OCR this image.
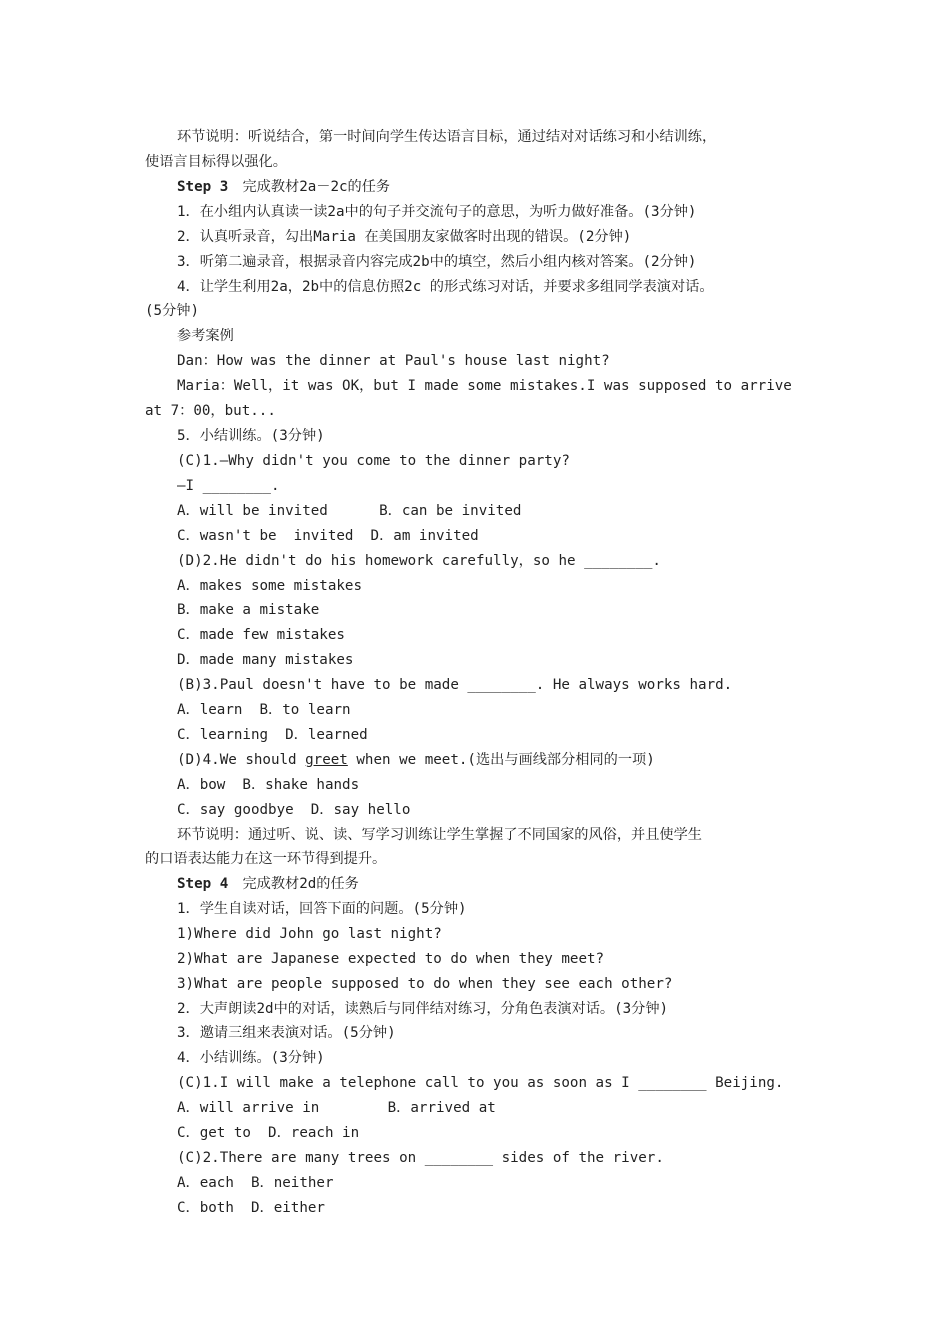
环节说明：听说结合，第一时间向学生传达语言目标，通过结对对话练习和小结训练，
使语言目标得以强化。
Step 3　 完成教材2a－2c的任务
1．在小组内认真读一读2a中的句子并交流句子的意思，为听力做好准备。(3分钟)
2．认真听录音，勾出Maria 在美国朋友家做客时出现的错误。(2分钟)
3．听第二遍录音，根据录音内容完成2b中的填空，然后小组内核对答案。(2分钟)
4．让学生利用2a，2b中的信息仿照2c 的形式练习对话，并要求多组同学表演对话。
(5分钟)
参考案例
Dan：How was the dinner at Paul's house last night?
Maria：Well，it was OK，but I made some mistakes.I was supposed to arrive
at 7：00，but...
5．小结训练。(3分钟)
(C)1.—Why didn't you come to the dinner party?
—I ________.
A．will be invited      B．can be invited
C．wasn't be  invited  D．am invited
(D)2.He didn't do his homework carefully，so he ________.
A．makes some mistakes
B．make a mistake
C．made few mistakes
D．made many mistakes
(B)3.Paul doesn't have to be made ________. He always works hard.
A．learn  B．to learn
C．learning  D．learned
(D)4.We should greet when we meet.(选出与画线部分相同的一项)
A．bow  B．shake hands
C．say goodbye  D．say hello
环节说明：通过听、说、读、写学习训练让学生掌握了不同国家的风俗，并且使学生
的口语表达能力在这一环节得到提升。
Step 4　 完成教材2d的任务
1．学生自读对话，回答下面的问题。(5分钟)
1)Where did John go last night?
2)What are Japanese expected to do when they meet?
3)What are people supposed to do when they see each other?
2．大声朗读2d中的对话，读熟后与同伴结对练习，分角色表演对话。(3分钟)
3．邀请三组来表演对话。(5分钟)
4．小结训练。(3分钟)
(C)1.I will make a telephone call to you as soon as I ________ Beijing.
A．will arrive in        B．arrived at
C．get to  D．reach in
(C)2.There are many trees on ________ sides of the river.
A．each  B．neither
C．both  D．either
